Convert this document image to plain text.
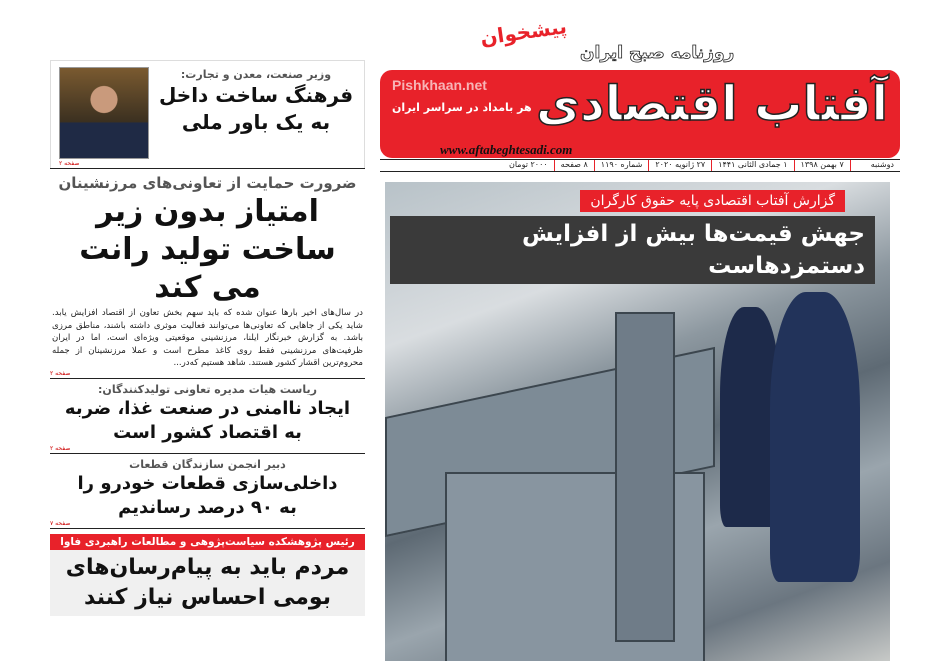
آفتاب اقتصادی
روزنامه صبح ایران
پیشخوان
Pishkhaan.net
هر بامداد در سراسر ایران
www.aftabeghtesadi.com
دوشنبه
۷ بهمن ۱۳۹۸
۱ جمادی الثانی ۱۴۴۱
۲۷ ژانویه ۲۰۲۰
شماره ۱۱۹۰
۸ صفحه
۲۰۰۰ تومان
گزارش آفتاب اقتصادی پایه حقوق کارگران
جهش قیمت‌ها بیش از افزایش دستمزدهاست
وزیر صنعت، معدن و تجارت:
فرهنگ ساخت داخل به یک باور ملی
صفحه ۲
ضرورت حمایت از تعاونی‌های مرزنشینان
امتیاز بدون زیر ساخت تولید رانت می کند
در سال‌های اخیر بارها عنوان شده که باید سهم بخش تعاون از اقتصاد افزایش یابد. شاید یکی از جاهایی که تعاونی‌ها می‌توانند فعالیت موثری داشته باشند، مناطق مرزی باشد. به گزارش خبرنگار ایلنا، مرزنشینی موقعیتی ویژه‌ای است، اما در ایران ظرفیت‌های مرزنشینی فقط روی کاغذ مطرح است و عملا مرزنشینان از جمله محروم‌ترین اقشار کشور هستند. شاهد هستیم که‌در...
صفحه ۲
ریاست هیات مدیره تعاونی تولیدکنندگان:
ایجاد ناامنی در صنعت غذا، ضربه به اقتصاد کشور است
صفحه ۲
دبیر انجمن سازندگان قطعات
داخلی‌سازی قطعات خودرو را به ۹۰ درصد رساندیم
صفحه ۷
رئیس پژوهشکده سیاست‌پژوهی و مطالعات راهبردی فاوا
مردم باید به پیام‌رسان‌های بومی احساس نیاز کنند
